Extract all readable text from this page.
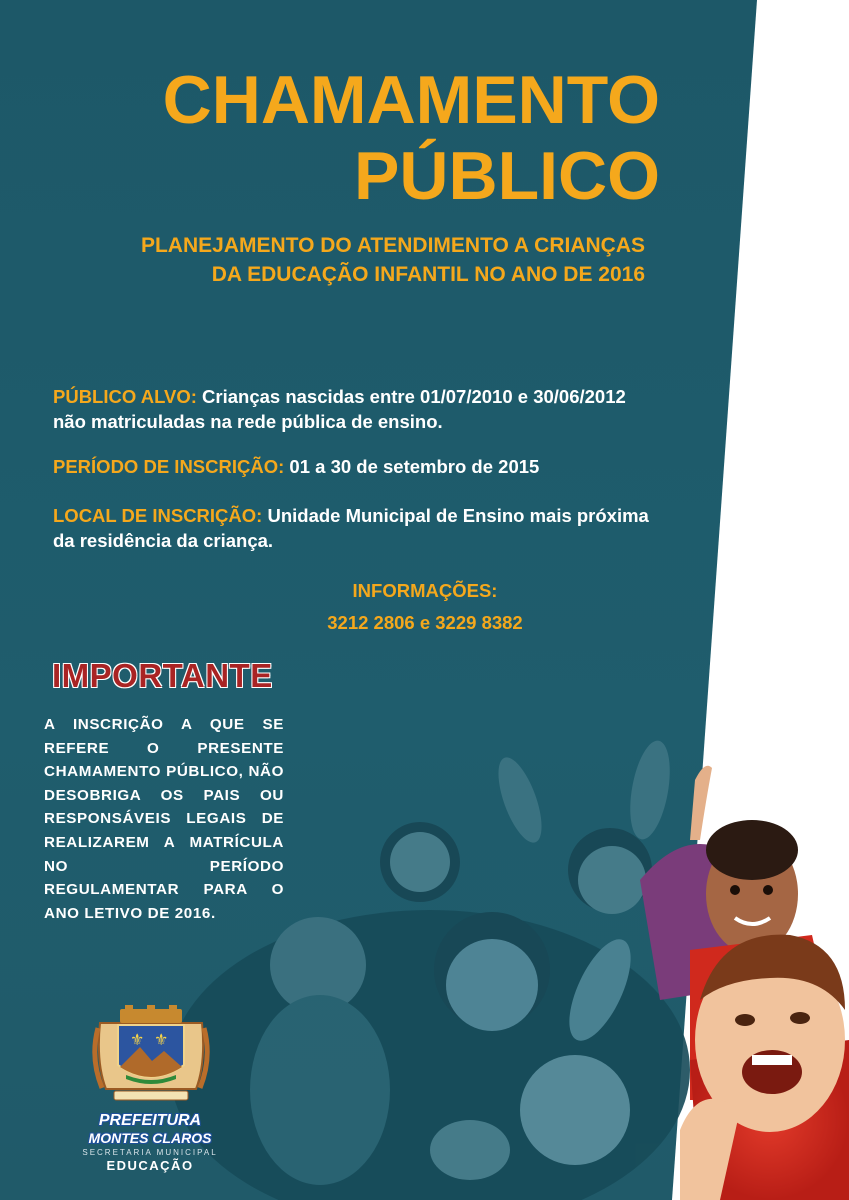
CHAMAMENTO
PÚBLICO
PLANEJAMENTO DO ATENDIMENTO A CRIANÇAS
DA EDUCAÇÃO INFANTIL NO ANO DE 2016
PÚBLICO ALVO: Crianças nascidas entre 01/07/2010 e 30/06/2012
não matriculadas na rede pública de ensino.
PERÍODO DE INSCRIÇÃO: 01 a 30 de setembro de 2015
LOCAL DE INSCRIÇÃO: Unidade Municipal de Ensino mais próxima
da residência da criança.
INFORMAÇÕES:
3212 2806 e 3229 8382
IMPORTANTE
A INSCRIÇÃO A QUE SE REFERE O PRESENTE CHAMAMENTO PÚBLICO, NÃO DESOBRIGA OS PAIS OU RESPONSÁVEIS LEGAIS DE REALIZAREM A MATRÍCULA NO PERÍODO REGULAMENTAR PARA O ANO LETIVO DE 2016.
⚜ ⚜
PREFEITURA
MONTES CLAROS
SECRETARIA MUNICIPAL
EDUCAÇÃO
